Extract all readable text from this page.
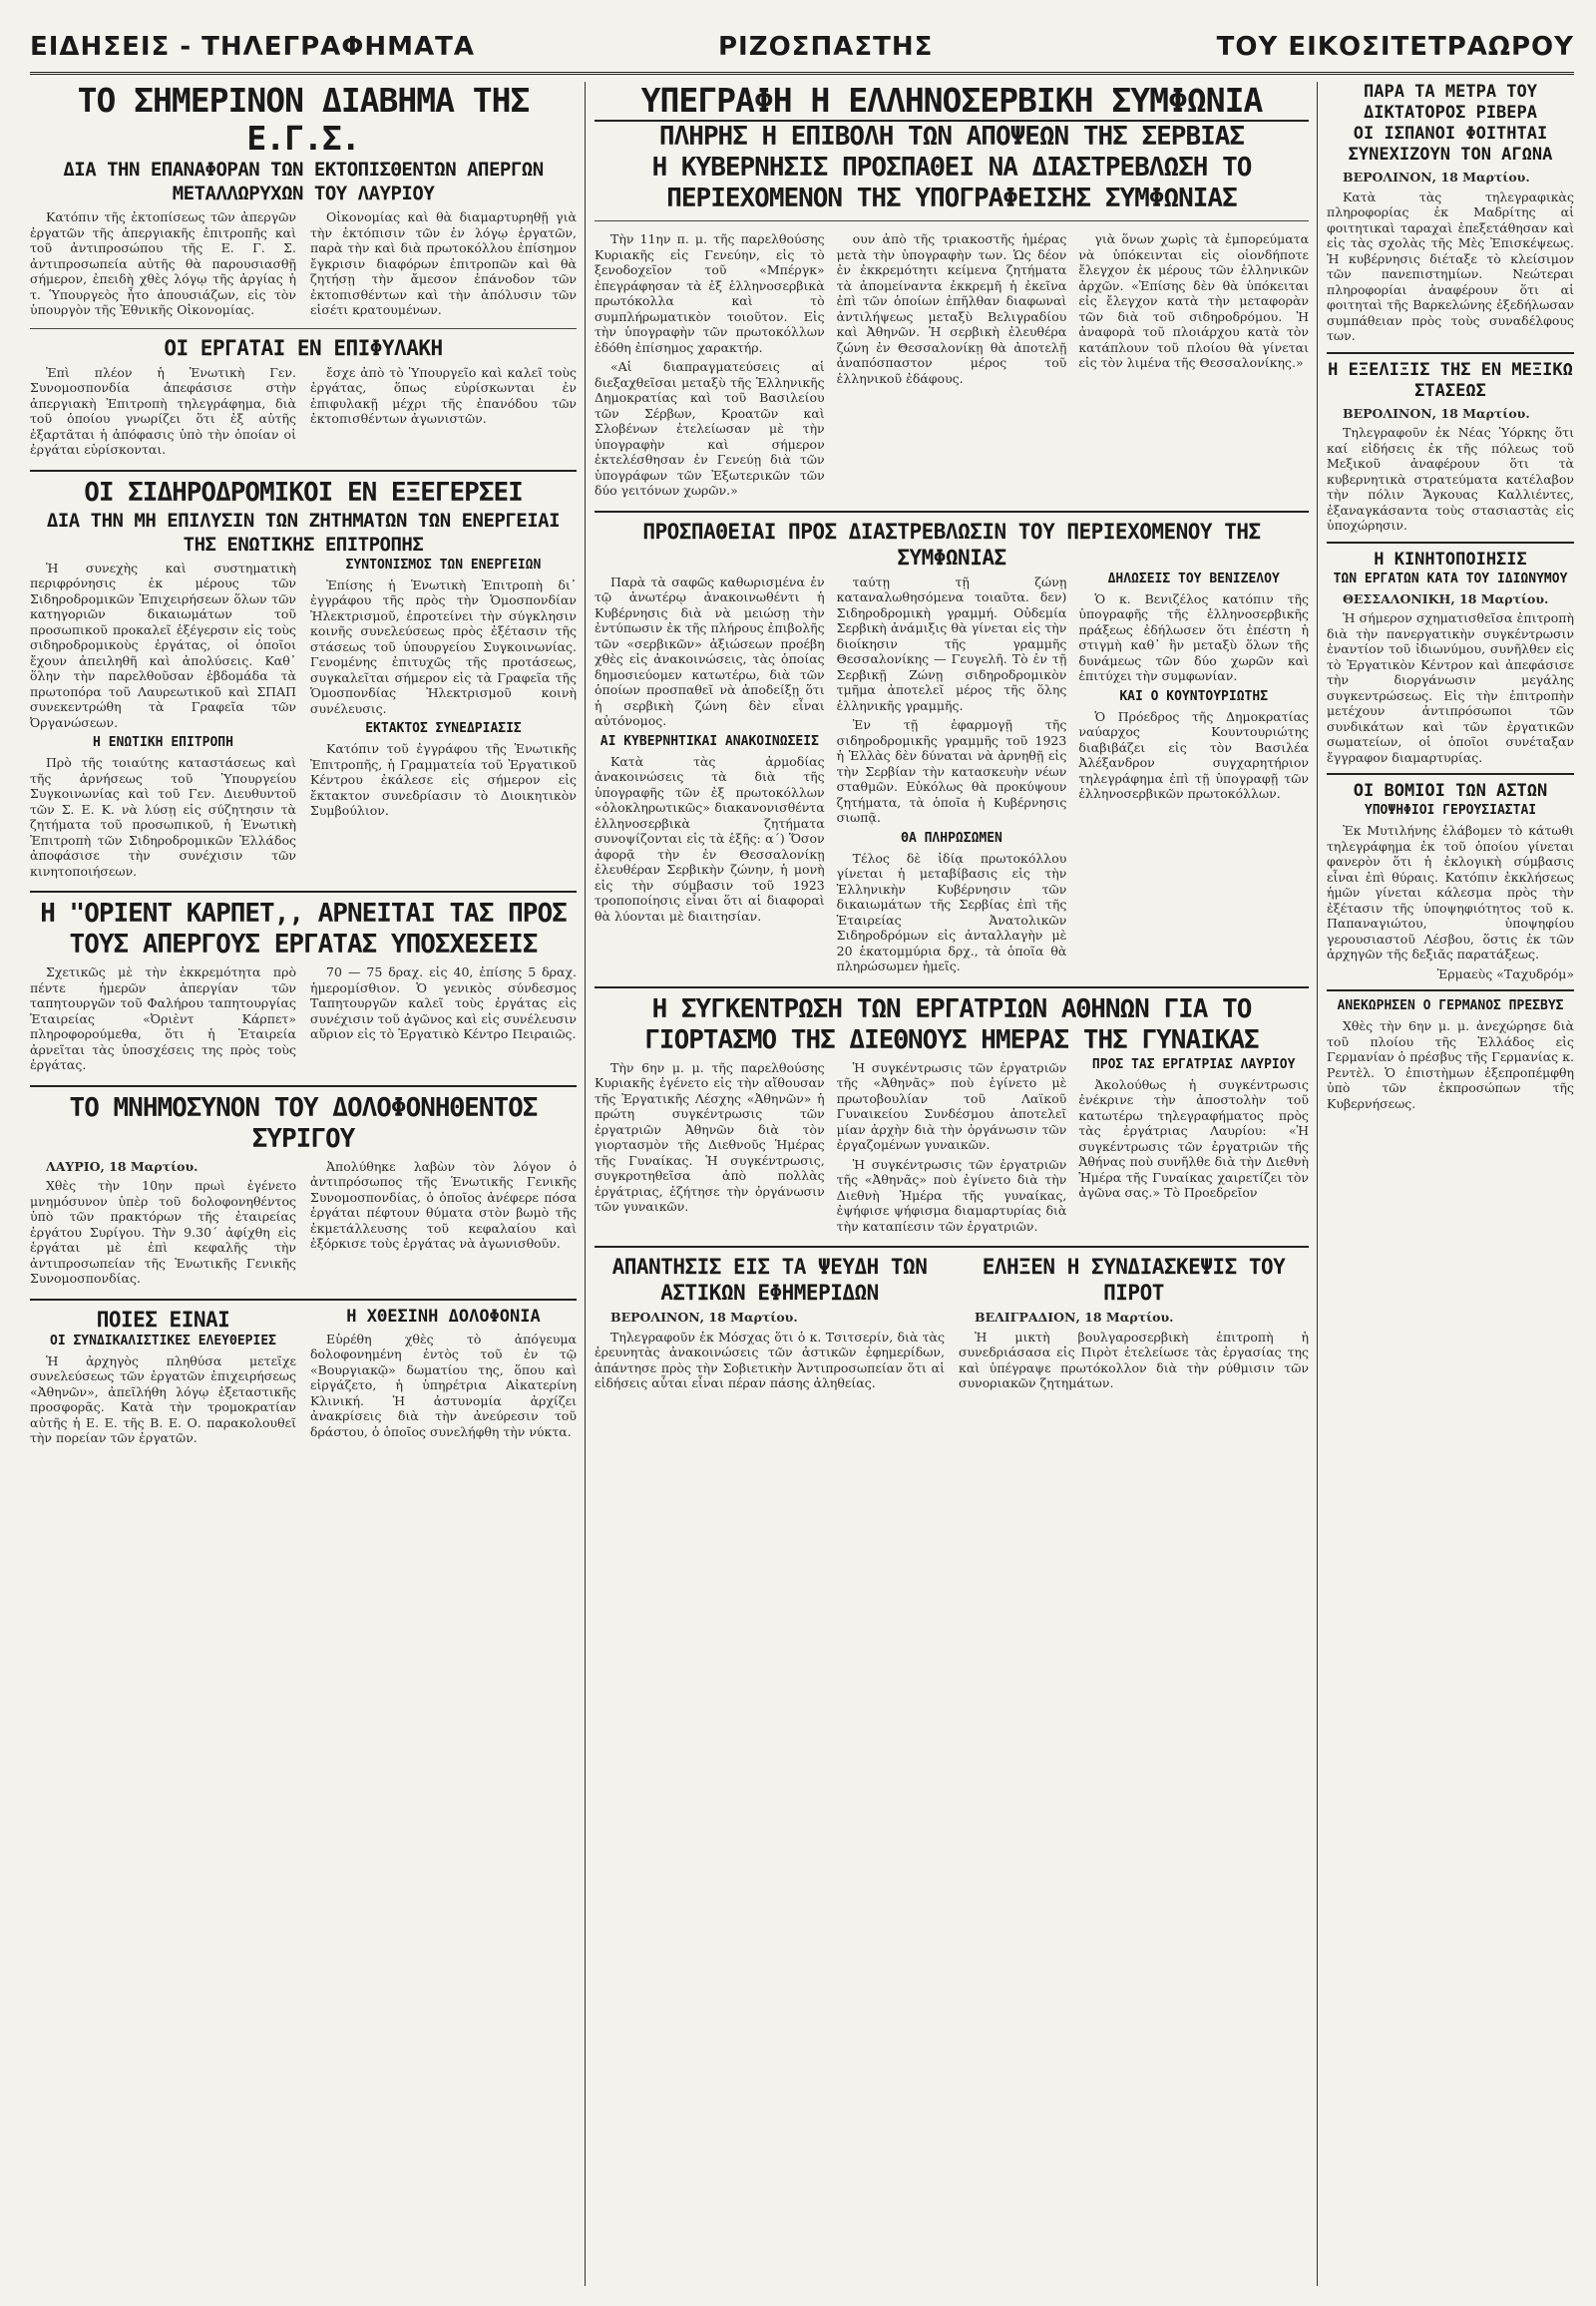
ΕΙΔΗΣΕΙΣ - ΤΗΛΕΓΡΑΦΗΜΑΤΑ	ΡΙΖΟΣΠΑΣΤΗΣ	ΤΟΥ ΕΙΚΟΣΙΤΕΤΡΑΩΡΟΥ
ΤΟ ΣΗΜΕΡΙΝΟΝ ΔΙΑΒΗΜΑ ΤΗΣ Ε.Γ.Σ.

ΔΙΑ ΤΗΝ ΕΠΑΝΑΦΟΡΑΝ ΤΩΝ ΕΚΤΟΠΙΣΘΕΝΤΩΝ ΑΠΕΡΓΩΝ ΜΕΤΑΛΛΩΡΥΧΩΝ ΤΟΥ ΛΑΥΡΙΟΥ

Κατόπιν τῆς ἐκτοπίσεως τῶν ἀπεργῶν ἐργατῶν τῆς ἀπεργιακῆς ἐπιτροπῆς καὶ τοῦ ἀντιπροσώπου τῆς Ε. Γ. Σ. ἀντιπροσωπεία αὐτῆς θὰ παρουσιασθῇ σήμερον, ἐπειδὴ χθὲς λόγῳ τῆς ἀργίας ἡ τ. Ὑπουργεὸς ἦτο ἀπουσιάζων, εἰς τὸν ὑπουργὸν τῆς Ἐθνικῆς Οἰκονομίας.

Οἰκονομίας καὶ θὰ διαμαρτυρηθῇ γιὰ τὴν ἐκτόπισιν τῶν ἐν λόγῳ ἐργατῶν, παρὰ τὴν καὶ διὰ πρωτοκόλλου ἐπίσημον ἔγκρισιν διαφόρων ἐπιτροπῶν καὶ θὰ ζητήσῃ τὴν ἄμεσον ἐπάνοδον τῶν ἐκτοπισθέντων καὶ τὴν ἀπόλυσιν τῶν εἰσέτι κρατουμένων.

ΟΙ ΕΡΓΑΤΑΙ ΕΝ ΕΠΙΦΥΛΑΚΗ

Ἐπὶ πλέον ἡ Ἑνωτικὴ Γεν. Συνομοσπονδία ἀπεφάσισε στὴν ἀπεργιακὴ Ἐπιτροπὴ τηλεγράφημα, διὰ τοῦ ὁποίου γνωρίζει ὅτι ἐξ αὐτῆς ἐξαρτᾶται ἡ ἀπόφασις ὑπὸ τὴν ὁποίαν οἱ ἐργάται εὑρίσκονται.

ἔσχε ἀπὸ τὸ Ὑπουργεῖο καὶ καλεῖ τοὺς ἐργάτας, ὅπως εὑρίσκωνται ἐν ἐπιφυλακῇ μέχρι τῆς ἐπανόδου τῶν ἐκτοπισθέντων ἀγωνιστῶν.

ΟΙ ΣΙΔΗΡΟΔΡΟΜΙΚΟΙ ΕΝ ΕΞΕΓΕΡΣΕΙ

ΔΙΑ ΤΗΝ ΜΗ ΕΠΙΛΥΣΙΝ ΤΩΝ ΖΗΤΗΜΑΤΩΝ ΤΩΝ ΕΝΕΡΓΕΙΑΙ ΤΗΣ ΕΝΩΤΙΚΗΣ ΕΠΙΤΡΟΠΗΣ

Ἡ συνεχὴς καὶ συστηματικὴ περιφρόνησις ἐκ μέρους τῶν Σιδηροδρομικῶν Ἐπιχειρήσεων ὅλων τῶν κατηγοριῶν δικαιωμάτων τοῦ προσωπικοῦ προκαλεῖ ἐξέγερσιν εἰς τοὺς σιδηροδρομικοὺς ἐργάτας, οἱ ὁποῖοι ἔχουν ἀπειληθῆ καὶ ἀπολύσεις. Καθ᾿ ὅλην τὴν παρελθοῦσαν ἑβδομάδα τὰ πρωτοπόρα τοῦ Λαυρεωτικοῦ καὶ ΣΠΑΠ συνεκεντρώθη τὰ Γραφεῖα τῶν Ὀργανώσεων.

Η ΕΝΩΤΙΚΗ ΕΠΙΤΡΟΠΗ

Πρὸ τῆς τοιαύτης καταστάσεως καὶ τῆς ἀρνήσεως τοῦ Ὑπουργείου Συγκοινωνίας καὶ τοῦ Γεν. Διευθυντοῦ τῶν Σ. Ε. Κ. νὰ λύσῃ εἰς σύζητησιν τὰ ζητήματα τοῦ προσωπικοῦ, ἡ Ἑνωτικὴ Ἐπιτροπὴ τῶν Σιδηροδρομικῶν Ἑλλάδος ἀποφάσισε τὴν συνέχισιν τῶν κινητοποιήσεων.

ΣΥΝΤΟΝΙΣΜΟΣ ΤΩΝ ΕΝΕΡΓΕΙΩΝ

Ἐπίσης ἡ Ἑνωτικὴ Ἐπιτροπὴ δι᾿ ἐγγράφου τῆς πρὸς τὴν Ὁμοσπονδίαν Ἠλεκτρισμοῦ, ἐπροτείνει τὴν σύγκλησιν κοινῆς συνελεύσεως πρὸς ἐξέτασιν τῆς στάσεως τοῦ ὑπουργείου Συγκοινωνίας. Γενομένης ἐπιτυχῶς τῆς προτάσεως, συγκαλεῖται σήμερον εἰς τὰ Γραφεῖα τῆς Ὁμοσπονδίας Ἠλεκτρισμοῦ κοινὴ συνέλευσις.

ΕΚΤΑΚΤΟΣ ΣΥΝΕΔΡΙΑΣΙΣ

Κατόπιν τοῦ ἐγγράφου τῆς Ἑνωτικῆς Ἐπιτροπῆς, ἡ Γραμματεία τοῦ Ἐργατικοῦ Κέντρου ἐκάλεσε εἰς σήμερον εἰς ἔκτακτον συνεδρίασιν τὸ Διοικητικὸν Συμβούλιον.

Η "ΟΡΙΕΝΤ ΚΑΡΠΕΤ,, ΑΡΝΕΙΤΑΙ ΤΑΣ ΠΡΟΣ ΤΟΥΣ ΑΠΕΡΓΟΥΣ ΕΡΓΑΤΑΣ ΥΠΟΣΧΕΣΕΙΣ

Σχετικῶς μὲ τὴν ἐκκρεμότητα πρὸ πέντε ἡμερῶν ἀπεργίαν τῶν ταπητουργῶν τοῦ Φαλήρου ταπητουργίας Ἑταιρείας «Ὀριὲντ Κάρπετ» πληροφορούμεθα, ὅτι ἡ Ἑταιρεία ἀρνεῖται τὰς ὑποσχέσεις της πρὸς τοὺς ἐργάτας.

70 — 75 δραχ. εἰς 40, ἐπίσης 5 δραχ. ἡμερομίσθιον. Ὁ γενικὸς σύνδεσμος Ταπητουργῶν καλεῖ τοὺς ἐργάτας εἰς συνέχισιν τοῦ ἀγῶνος καὶ εἰς συνέλευσιν αὔριον εἰς τὸ Ἐργατικὸ Κέντρο Πειραιῶς.

ΤΟ ΜΝΗΜΟΣΥΝΟΝ ΤΟΥ ΔΟΛΟΦΟΝΗΘΕΝΤΟΣ ΣΥΡΙΓΟΥ

ΛΑΥΡΙΟ, 18 Μαρτίου.

Χθὲς τὴν 10ην πρωὶ ἐγένετο μνημόσυνον ὑπὲρ τοῦ δολοφονηθέντος ὑπὸ τῶν πρακτόρων τῆς ἐταιρείας ἐργάτου Συρίγου. Τὴν 9.30΄ ἀφίχθη εἰς ἐργάται μὲ ἐπὶ κεφαλῆς τὴν ἀντιπροσωπείαν τῆς Ἑνωτικῆς Γενικῆς Συνομοσπονδίας.

Ἀπολύθηκε λαβὼν τὸν λόγον ὁ ἀντιπρόσωπος τῆς Ἑνωτικῆς Γενικῆς Συνομοσπονδίας, ὁ ὁποῖος ἀνέφερε πόσα ἐργάται πέφτουν θύματα στὸν βωμὸ τῆς ἐκμετάλλευσης τοῦ κεφαλαίου καὶ ἐξόρκισε τοὺς ἐργάτας νὰ ἀγωνισθοῦν.

ΠΟΙΕΣ ΕΙΝΑΙ
ΟΙ ΣΥΝΔΙΚΑΛΙΣΤΙΚΕΣ ΕΛΕΥΘΕΡΙΕΣ

Ἡ ἀρχηγὸς πληθύσα μετεῖχε συνελεύσεως τῶν ἐργατῶν ἐπιχειρήσεως «Ἀθηνῶν», ἀπεῖλήθη λόγῳ ἐξεταστικῆς προσφορᾶς. Κατὰ τὴν τρομοκρατίαν αὐτῆς ἡ Ε. Ε. τῆς Β. Ε. Ο. παρακολουθεῖ τὴν πορείαν τῶν ἐργατῶν.

Η ΧΘΕΣΙΝΗ ΔΟΛΟΦΟΝΙΑ

Εὑρέθη χθὲς τὸ ἀπόγευμα δολοφονημένη ἐντὸς τοῦ ἐν τῷ «Βουργιακῷ» δωματίου της, ὅπου καὶ εἰργάζετο, ἡ ὑπηρέτρια Αἰκατερίνη Κλινική. Ἡ ἀστυνομία ἀρχίζει ἀνακρίσεις διὰ τὴν ἀνεύρεσιν τοῦ δράστου, ὁ ὁποῖος συνελήφθη τὴν νύκτα.

ΥΠΕΓΡΑΦΗ Η ΕΛΛΗΝΟΣΕΡΒΙΚΗ ΣΥΜΦΩΝΙΑ
ΠΛΗΡΗΣ Η ΕΠΙΒΟΛΗ ΤΩΝ ΑΠΟΨΕΩΝ ΤΗΣ ΣΕΡΒΙΑΣ
Η ΚΥΒΕΡΝΗΣΙΣ ΠΡΟΣΠΑΘΕΙ ΝΑ ΔΙΑΣΤΡΕΒΛΩΣΗ ΤΟ ΠΕΡΙΕΧΟΜΕΝΟΝ ΤΗΣ ΥΠΟΓΡΑΦΕΙΣΗΣ ΣΥΜΦΩΝΙΑΣ

Τὴν 11ην π. μ. τῆς παρελθούσης Κυριακῆς εἰς Γενεύην, εἰς τὸ ξενοδοχεῖον τοῦ «Μπέργκ» ἐπεγράφησαν τὰ ἐξ ἑλληνοσερβικὰ πρωτόκολλα καὶ τὸ συμπλήρωματικὸν τοιοῦτον. Εἰς τὴν ὑπογραφὴν τῶν πρωτοκόλλων ἐδόθη ἐπίσημος χαρακτήρ.

«Αἱ διαπραγματεύσεις αἱ διεξαχθεῖσαι μεταξὺ τῆς Ἑλληνικῆς Δημοκρατίας καὶ τοῦ Βασιλείου τῶν Σέρβων, Κροατῶν καὶ Σλοβένων ἐτελείωσαν μὲ τὴν ὑπογραφὴν καὶ σήμερον ἐκτελέσθησαν ἐν Γενεύῃ διὰ τῶν ὑπογράφων τῶν Ἐξωτερικῶν τῶν δύο γειτόνων χωρῶν.»

ουν ἀπὸ τῆς τριακοστῆς ἡμέρας μετὰ τὴν ὑπογραφὴν των. Ὡς δέον ἐν ἐκκρεμότητι κείμενα ζητήματα τὰ ἀπομείναντα ἐκκρεμῆ ἡ ἐκεῖνα ἐπὶ τῶν ὁποίων ἐπῆλθαν διαφωναὶ ἀντιλήψεως μεταξὺ Βελιγραδίου καὶ Ἀθηνῶν. Ἡ σερβικὴ ἐλευθέρα ζώνη ἐν Θεσσαλονίκῃ θὰ ἀποτελῇ ἀναπόσπαστον μέρος τοῦ ἑλληνικοῦ ἐδάφους.

γιὰ ὅνων χωρὶς τὰ ἐμπορεύματα νὰ ὑπόκεινται εἰς οἱονδήποτε ἔλεγχον ἐκ μέρους τῶν ἑλληνικῶν ἀρχῶν. «Ἐπίσης δὲν θὰ ὑπόκειται εἰς ἔλεγχον κατὰ τὴν μεταφορὰν τῶν διὰ τοῦ σιδηροδρόμου. Ἡ ἀναφορὰ τοῦ πλοιάρχου κατὰ τὸν κατάπλουν τοῦ πλοίου θὰ γίνεται εἰς τὸν λιμένα τῆς Θεσσαλονίκης.»

ΠΡΟΣΠΑΘΕΙΑΙ ΠΡΟΣ ΔΙΑΣΤΡΕΒΛΩΣΙΝ ΤΟΥ ΠΕΡΙΕΧΟΜΕΝΟΥ ΤΗΣ ΣΥΜΦΩΝΙΑΣ

Παρὰ τὰ σαφῶς καθωρισμένα ἐν τῷ ἀνωτέρῳ ἀνακοινωθέντι ἡ Κυβέρνησις διὰ νὰ μειώσῃ τὴν ἐντύπωσιν ἐκ τῆς πλήρους ἐπιβολῆς τῶν «σερβικῶν» ἀξιώσεων προέβη χθὲς εἰς ἀνακοινώσεις, τὰς ὁποίας δημοσιεύομεν κατωτέρω, διὰ τῶν ὁποίων προσπαθεῖ νὰ ἀποδείξῃ ὅτι ἡ σερβικὴ ζώνη δὲν εἶναι αὐτόνομος.

ΑΙ ΚΥΒΕΡΝΗΤΙΚΑΙ ΑΝΑΚΟΙΝΩΣΕΙΣ

Κατὰ τὰς ἁρμοδίας ἀνακοινώσεις τὰ διὰ τῆς ὑπογραφῆς τῶν ἐξ πρωτοκόλλων «ὁλοκληρωτικῶς» διακανονισθέντα ἑλληνοσερβικὰ ζητήματα συνοψίζονται εἰς τὰ ἑξῆς: α΄) Ὅσον ἀφορᾷ τὴν ἐν Θεσσαλονίκῃ ἐλευθέραν Σερβικὴν ζώνην, ἡ μονὴ εἰς τὴν σύμβασιν τοῦ 1923 τροποποίησις εἶναι ὅτι αἱ διαφοραὶ θὰ λύονται μὲ διαιτησίαν.

ταύτῃ τῇ ζώνῃ καταναλωθησόμενα τοιαῦτα. δεν) Σιδηροδρομικὴ γραμμή. Οὐδεμία Σερβικὴ ἀνάμιξις θὰ γίνεται εἰς τὴν διοίκησιν τῆς γραμμῆς Θεσσαλονίκης — Γευγελῆ. Τὸ ἐν τῇ Σερβικῇ Ζώνῃ σιδηροδρομικὸν τμῆμα ἀποτελεῖ μέρος τῆς ὅλης ἑλληνικῆς γραμμῆς.

Ἐν τῇ ἐφαρμογῇ τῆς σιδηροδρομικῆς γραμμῆς τοῦ 1923 ἡ Ἑλλὰς δὲν δύναται νὰ ἀρνηθῇ εἰς τὴν Σερβίαν τὴν κατασκευὴν νέων σταθμῶν. Εὐκόλως θὰ προκύψουν ζητήματα, τὰ ὁποῖα ἡ Κυβέρνησις σιωπᾷ.

ΘΑ ΠΛΗΡΩΣΩΜΕΝ

Τέλος δὲ ἰδίᾳ πρωτοκόλλου γίνεται ἡ μεταβίβασις εἰς τὴν Ἑλληνικὴν Κυβέρνησιν τῶν δικαιωμάτων τῆς Σερβίας ἐπὶ τῆς Ἑταιρείας Ἀνατολικῶν Σιδηροδρόμων εἰς ἀνταλλαγὴν μὲ 20 ἑκατομμύρια δρχ., τὰ ὁποῖα θὰ πληρώσωμεν ἡμεῖς.

ΔΗΛΩΣΕΙΣ ΤΟΥ ΒΕΝΙΖΕΛΟΥ

Ὁ κ. Βενιζέλος κατόπιν τῆς ὑπογραφῆς τῆς ἑλληνοσερβικῆς πράξεως ἐδήλωσεν ὅτι ἐπέστη ἡ στιγμὴ καθ᾿ ἣν μεταξὺ ὅλων τῆς δυνάμεως τῶν δύο χωρῶν καὶ ἐπιτύχει τὴν συμφωνίαν.

ΚΑΙ Ο ΚΟΥΝΤΟΥΡΙΩΤΗΣ

Ὁ Πρόεδρος τῆς Δημοκρατίας ναύαρχος Κουντουριώτης διαβιβάζει εἰς τὸν Βασιλέα Ἀλέξανδρον συγχαρητήριον τηλεγράφημα ἐπὶ τῇ ὑπογραφῇ τῶν ἑλληνοσερβικῶν πρωτοκόλλων.

Η ΣΥΓΚΕΝΤΡΩΣΗ ΤΩΝ ΕΡΓΑΤΡΙΩΝ ΑΘΗΝΩΝ ΓΙΑ ΤΟ ΓΙΟΡΤΑΣΜΟ ΤΗΣ ΔΙΕΘΝΟΥΣ ΗΜΕΡΑΣ ΤΗΣ ΓΥΝΑΙΚΑΣ

Τὴν 6ην μ. μ. τῆς παρελθούσης Κυριακῆς ἐγένετο εἰς τὴν αἴθουσαν τῆς Ἐργατικῆς Λέσχης «Ἀθηνῶν» ἡ πρώτη συγκέντρωσις τῶν ἐργατριῶν Ἀθηνῶν διὰ τὸν γιορτασμὸν τῆς Διεθνοῦς Ἡμέρας τῆς Γυναίκας. Ἡ συγκέντρωσις, συγκροτηθεῖσα ἀπὸ πολλὰς ἐργάτριας, ἐζήτησε τὴν ὀργάνωσιν τῶν γυναικῶν.

Ἡ συγκέντρωσις τῶν ἐργατριῶν τῆς «Ἀθηνᾶς» ποὺ ἐγίνετο μὲ πρωτοβουλίαν τοῦ Λαϊκοῦ Γυναικείου Συνδέσμου ἀποτελεῖ μίαν ἀρχὴν διὰ τὴν ὀργάνωσιν τῶν ἐργαζομένων γυναικῶν.

Ἡ συγκέντρωσις τῶν ἐργατριῶν τῆς «Ἀθηνᾶς» ποὺ ἐγίνετο διὰ τὴν Διεθνὴ Ἡμέρα τῆς γυναίκας, ἐψήφισε ψήφισμα διαμαρτυρίας διὰ τὴν καταπίεσιν τῶν ἐργατριῶν.

ΠΡΟΣ ΤΑΣ ΕΡΓΑΤΡΙΑΣ ΛΑΥΡΙΟΥ

Ἀκολούθως ἡ συγκέντρωσις ἐνέκρινε τὴν ἀποστολὴν τοῦ κατωτέρω τηλεγραφήματος πρὸς τὰς ἐργάτριας Λαυρίου: «Ἡ συγκέντρωσις τῶν ἐργατριῶν τῆς Ἀθήνας ποὺ συνῆλθε διὰ τὴν Διεθνὴ Ἡμέρα τῆς Γυναίκας χαιρετίζει τὸν ἀγῶνα σας.» Τὸ Προεδρεῖον

ΑΠΑΝΤΗΣΙΣ ΕΙΣ ΤΑ ΨΕΥΔΗ ΤΩΝ ΑΣΤΙΚΩΝ ΕΦΗΜΕΡΙΔΩΝ

ΒΕΡΟΛΙΝΟΝ, 18 Μαρτίου.

Τηλεγραφοῦν ἐκ Μόσχας ὅτι ὁ κ. Τσιτσερίν, διὰ τὰς ἐρευνητὰς ἀνακοινώσεις τῶν ἀστικῶν ἐφημερίδων, ἀπάντησε πρὸς τὴν Σοβιετικὴν Ἀντιπροσωπείαν ὅτι αἱ εἰδήσεις αὗται εἶναι πέραν πάσης ἀληθείας.

ΕΛΗΞΕΝ Η ΣΥΝΔΙΑΣΚΕΨΙΣ ΤΟΥ ΠΙΡΟΤ

ΒΕΛΙΓΡΑΔΙΟΝ, 18 Μαρτίου.

Ἡ μικτὴ βουλγαροσερβικὴ ἐπιτροπὴ ἡ συνεδριάσασα εἰς Πιρὸτ ἐτελείωσε τὰς ἐργασίας της καὶ ὑπέγραψε πρωτόκολλον διὰ τὴν ρύθμισιν τῶν συνοριακῶν ζητημάτων.

ΠΑΡΑ ΤΑ ΜΕΤΡΑ ΤΟΥ ΔΙΚΤΑΤΟΡΟΣ ΡΙΒΕΡΑ
ΟΙ ΙΣΠΑΝΟΙ ΦΟΙΤΗΤΑΙ ΣΥΝΕΧΙΖΟΥΝ ΤΟΝ ΑΓΩΝΑ

ΒΕΡΟΛΙΝΟΝ, 18 Μαρτίου.

Κατὰ τὰς τηλεγραφικὰς πληροφορίας ἐκ Μαδρίτης αἱ φοιτητικαὶ ταραχαὶ ἐπεξετάθησαν καὶ εἰς τὰς σχολὰς τῆς Μὲς Ἐπισκέψεως. Ἡ κυβέρνησις διέταξε τὸ κλείσιμον τῶν πανεπιστημίων. Νεώτεραι πληροφορίαι ἀναφέρουν ὅτι αἱ φοιτηταὶ τῆς Βαρκελώνης ἐξεδήλωσαν συμπάθειαν πρὸς τοὺς συναδέλφους των.

Η ΕΞΕΛΙΞΙΣ ΤΗΣ ΕΝ ΜΕΞΙΚΩ ΣΤΑΣΕΩΣ

ΒΕΡΟΛΙΝΟΝ, 18 Μαρτίου.

Τηλεγραφοῦν ἐκ Νέας Ὑόρκης ὅτι καί εἰδήσεις ἐκ τῆς πόλεως τοῦ Μεξικοῦ ἀναφέρουν ὅτι τὰ κυβερνητικὰ στρατεύματα κατέλαβον τὴν πόλιν Ἄγκουας Καλλιέντες, ἐξαναγκάσαντα τοὺς στασιαστὰς εἰς ὑποχώρησιν.

Η ΚΙΝΗΤΟΠΟΙΗΣΙΣ
ΤΩΝ ΕΡΓΑΤΩΝ ΚΑΤΑ ΤΟΥ ΙΔΙΩΝΥΜΟΥ

ΘΕΣΣΑΛΟΝΙΚΗ, 18 Μαρτίου.

Ἡ σήμερον σχηματισθεῖσα ἐπιτροπὴ διὰ τὴν πανεργατικὴν συγκέντρωσιν ἐναντίον τοῦ ἰδιωνύμου, συνῆλθεν εἰς τὸ Ἐργατικὸν Κέντρον καὶ ἀπεφάσισε τὴν διοργάνωσιν μεγάλης συγκεντρώσεως. Εἰς τὴν ἐπιτροπὴν μετέχουν ἀντιπρόσωποι τῶν συνδικάτων καὶ τῶν ἐργατικῶν σωματείων, οἱ ὁποῖοι συνέταξαν ἔγγραφον διαμαρτυρίας.

ΟΙ ΒΟΜΙΟΙ ΤΩΝ ΑΣΤΩΝ
ΥΠΟΨΗΦΙΟΙ ΓΕΡΟΥΣΙΑΣΤΑΙ

Ἐκ Μυτιλήνης ἐλάβομεν τὸ κάτωθι τηλεγράφημα ἐκ τοῦ ὁποίου γίνεται φανερὸν ὅτι ἡ ἐκλογικὴ σύμβασις εἶναι ἐπὶ θύραις. Κατόπιν ἐκκλήσεως ἡμῶν γίνεται κάλεσμα πρὸς τὴν ἐξέτασιν τῆς ὑποψηφιότητος τοῦ κ. Παπαναγιώτου, ὑποψηφίου γερουσιαστοῦ Λέσβου, ὅστις ἐκ τῶν ἀρχηγῶν τῆς δεξιᾶς παρατάξεως.

Ἑρμαεὺς «Ταχυδρόμ»

ΑΝΕΚΩΡΗΣΕΝ Ο ΓΕΡΜΑΝΟΣ ΠΡΕΣΒΥΣ

Χθὲς τὴν 6ην μ. μ. ἀνεχώρησε διὰ τοῦ πλοίου τῆς Ἑλλάδος εἰς Γερμανίαν ὁ πρέσβυς τῆς Γερμανίας κ. Ρεντὲλ. Ὁ ἐπιστὴμων ἐξεπροπέμφθη ὑπὸ τῶν ἐκπροσώπων τῆς Κυβερνήσεως.
